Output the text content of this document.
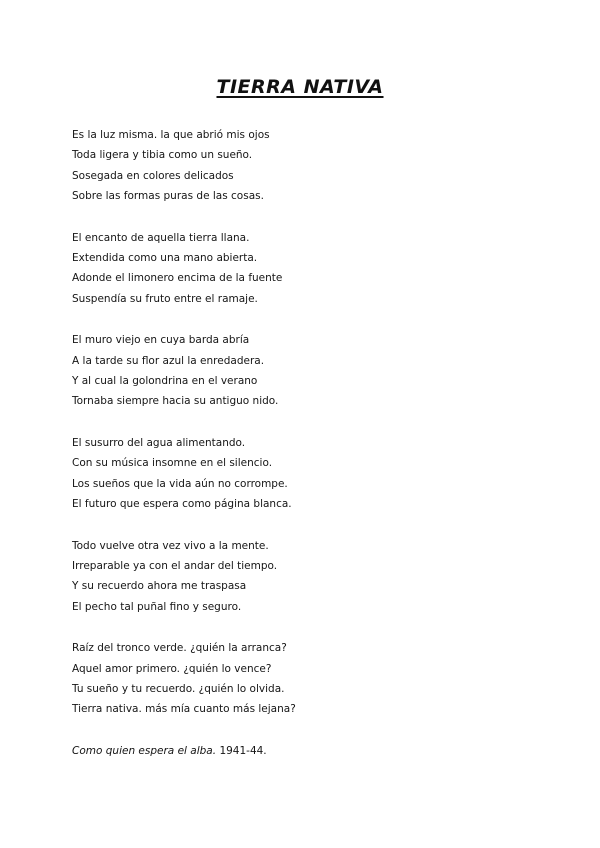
TIERRA NATIVA
Es la luz misma. la que abrió mis ojos
Toda ligera y tibia como un sueño.
Sosegada en colores delicados
Sobre las formas puras de las cosas.
El encanto de aquella tierra llana.
Extendida como una mano abierta.
Adonde el limonero encima de la fuente
Suspendía su fruto entre el ramaje.
El muro viejo en cuya barda abría
A la tarde su flor azul la enredadera.
Y al cual la golondrina en el verano
Tornaba siempre hacia su antiguo nido.
El susurro del agua alimentando.
Con su música insomne en el silencio.
Los sueños que la vida aún no corrompe.
El futuro que espera como página blanca.
Todo vuelve otra vez vivo a la mente.
Irreparable ya con el andar del tiempo.
Y su recuerdo ahora me traspasa
El pecho tal puñal fino y seguro.
Raíz del tronco verde. ¿quién la arranca?
Aquel amor primero. ¿quién lo vence?
Tu sueño y tu recuerdo. ¿quién lo olvida.
Tierra nativa. más mía cuanto más lejana?
Como quien espera el alba. 1941-44.
